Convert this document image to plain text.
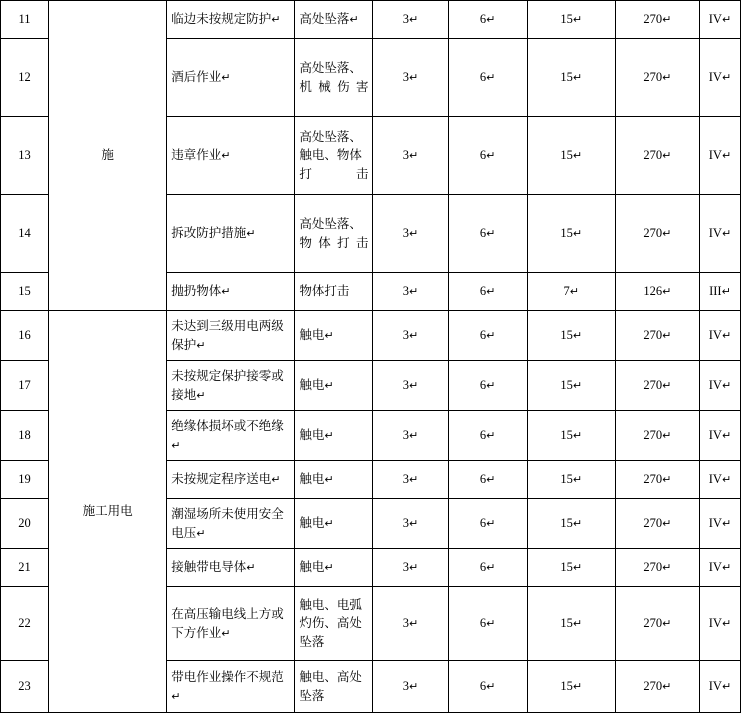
11	施	临边未按规定防护↵	高处坠落↵	3↵	6↵	15↵	270↵	IV↵
12		酒后作业↵	高处坠落、机械伤害	3↵	6↵	15↵	270↵	IV↵
13		违章作业↵	高处坠落、触电、物体打击	3↵	6↵	15↵	270↵	IV↵
14		拆改防护措施↵	高处坠落、物体打击	3↵	6↵	15↵	270↵	IV↵
15		抛扔物体↵	物体打击	3↵	6↵	7↵	126↵	III↵
16	施工用电	未达到三级用电两级保护↵	触电↵	3↵	6↵	15↵	270↵	IV↵
17		未按规定保护接零或接地↵	触电↵	3↵	6↵	15↵	270↵	IV↵
18		绝缘体损坏或不绝缘↵	触电↵	3↵	6↵	15↵	270↵	IV↵
19		未按规定程序送电↵	触电↵	3↵	6↵	15↵	270↵	IV↵
20		潮湿场所未使用安全电压↵	触电↵	3↵	6↵	15↵	270↵	IV↵
21		接触带电导体↵	触电↵	3↵	6↵	15↵	270↵	IV↵
22		在高压输电线上方或下方作业↵	触电、电弧灼伤、高处坠落	3↵	6↵	15↵	270↵	IV↵
23		带电作业操作不规范↵	触电、高处坠落	3↵	6↵	15↵	270↵	IV↵
